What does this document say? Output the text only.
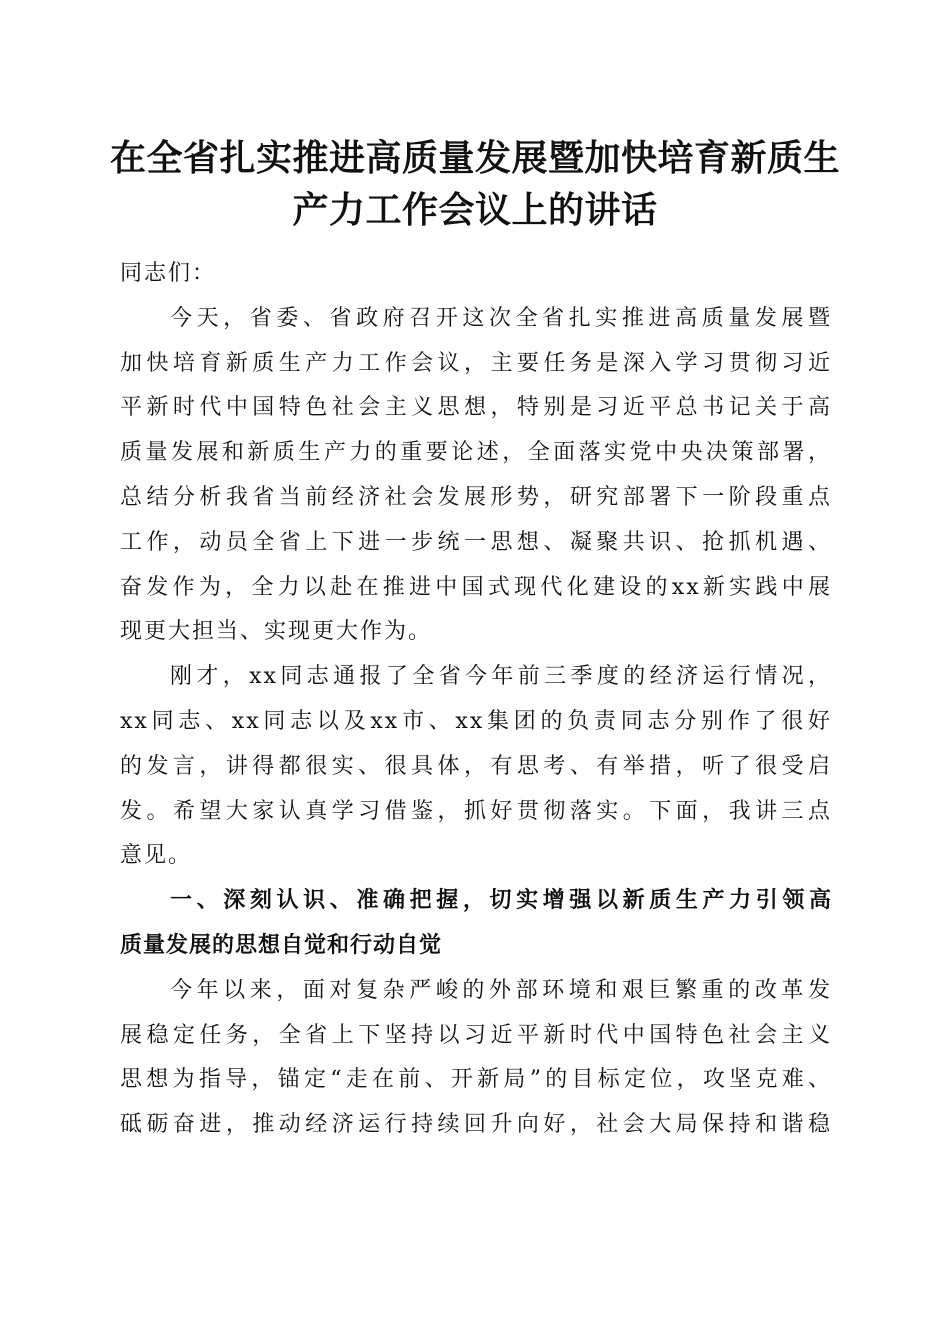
在全省扎实推进高质量发展暨加快培育新质生
产力工作会议上的讲话
同志们：
今天，省委、省政府召开这次全省扎实推进高质量发展暨
加快培育新质生产力工作会议，主要任务是深入学习贯彻习近
平新时代中国特色社会主义思想，特别是习近平总书记关于高
质量发展和新质生产力的重要论述，全面落实党中央决策部署，
总结分析我省当前经济社会发展形势，研究部署下一阶段重点
工作，动员全省上下进一步统一思想、凝聚共识、抢抓机遇、
奋发作为，全力以赴在推进中国式现代化建设的xx新实践中展
现更大担当、实现更大作为。
刚才，xx同志通报了全省今年前三季度的经济运行情况，
xx同志、xx同志以及xx市、xx集团的负责同志分别作了很好
的发言，讲得都很实、很具体，有思考、有举措，听了很受启
发。希望大家认真学习借鉴，抓好贯彻落实。下面，我讲三点
意见。
一、深刻认识、准确把握，切实增强以新质生产力引领高
质量发展的思想自觉和行动自觉
今年以来，面对复杂严峻的外部环境和艰巨繁重的改革发
展稳定任务，全省上下坚持以习近平新时代中国特色社会主义
思想为指导，锚定“走在前、开新局”的目标定位，攻坚克难、
砥砺奋进，推动经济运行持续回升向好，社会大局保持和谐稳
